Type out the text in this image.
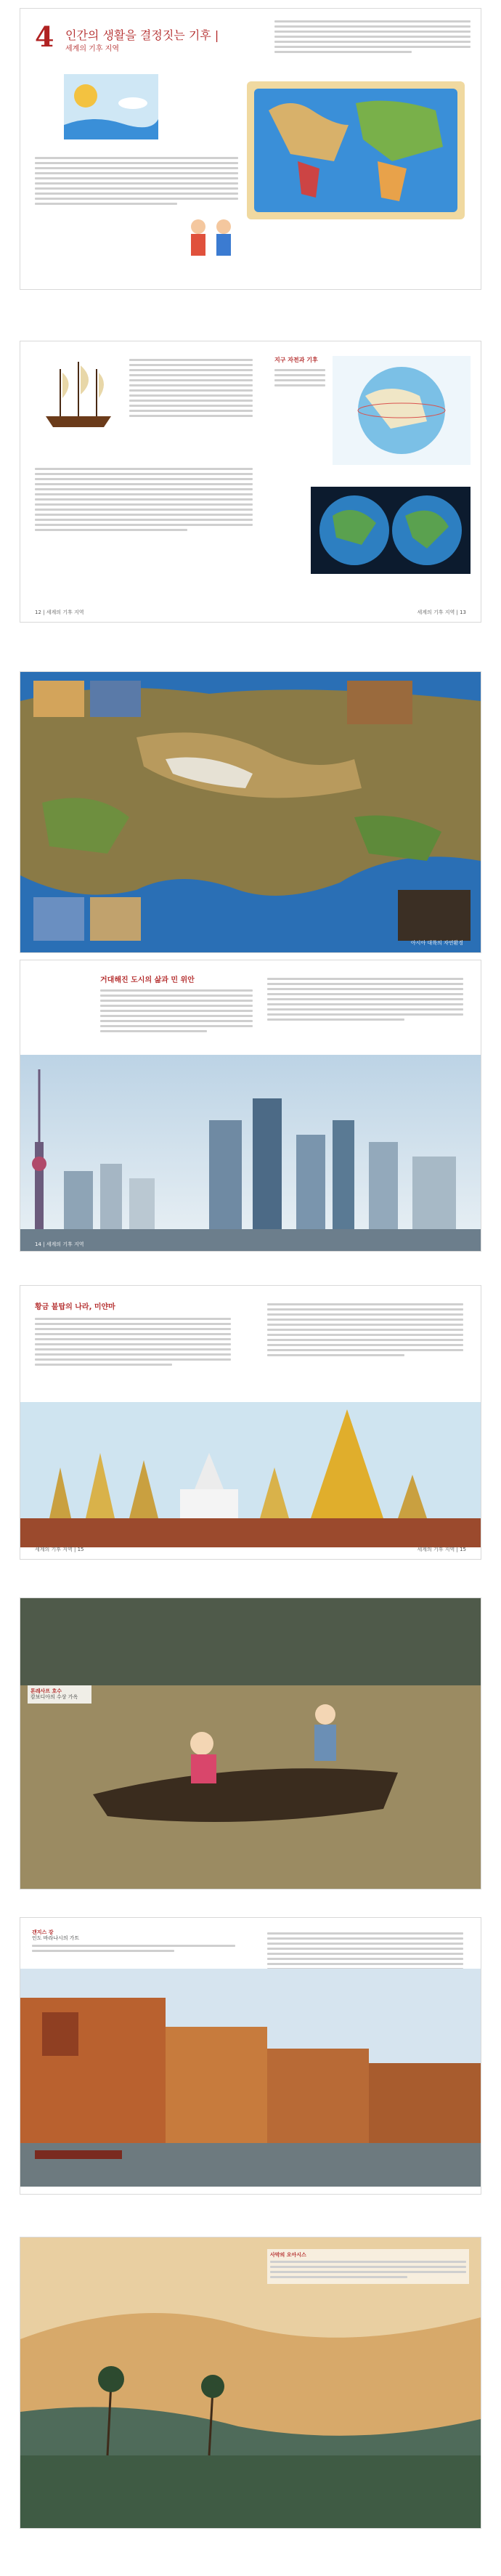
4 인간의 생활을 결정짓는 기후 |
세계의 기후 지역
지구 자전과 기후
12 | 세계의 기후 지역	세계의 기후 지역 | 13
아시아 대륙의 자연환경
거대해진 도시의 삶과 민 위안
14 | 세계의 기후 지역
황금 불탑의 나라, 미얀마
세계의 기후 지역 | 15	세계의 기후 지역 | 15
톤레사프 호수
캄보디아의 수상 가옥
갠지스 강
인도 바라나시의 가트
사막의 오아시스
